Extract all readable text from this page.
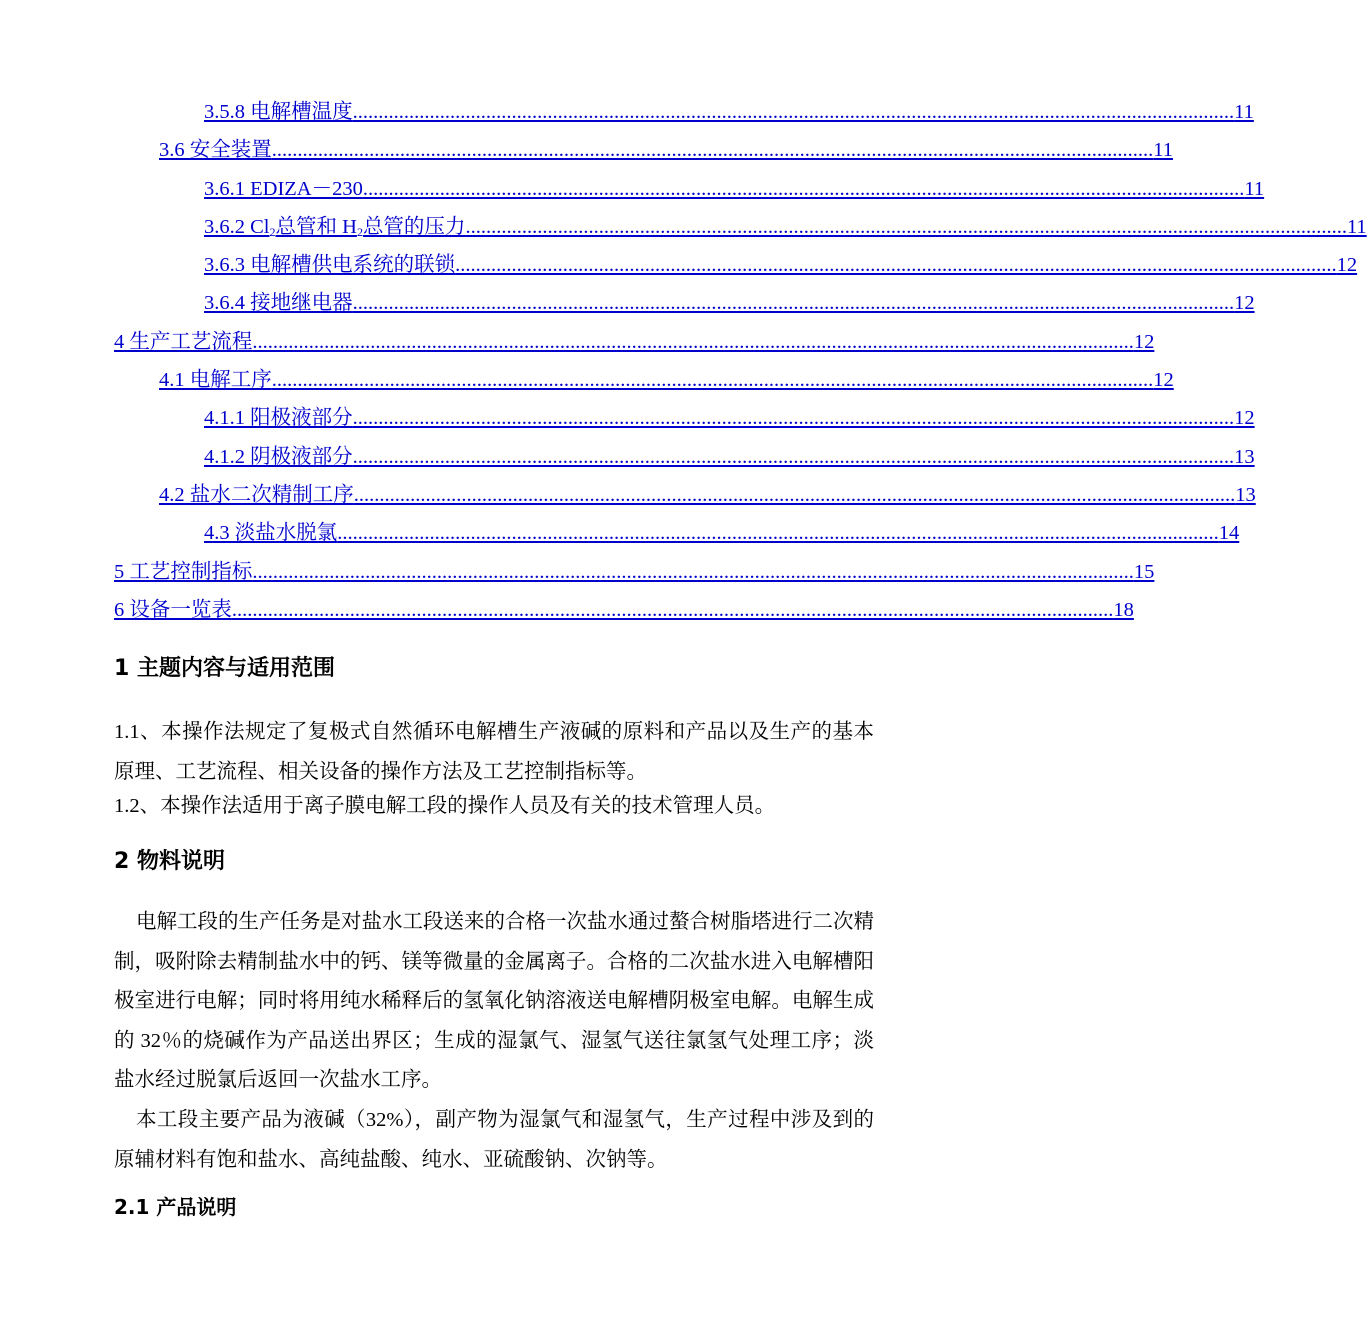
3.5.8 电解槽温度 ............................................................................................................................................................................ 11
3.6 安全装置 ............................................................................................................................................................................ 11
3.6.1 EDIZA－230 ............................................................................................................................................................................ 11
3.6.2 $Cl_2$总管和 $H_2$总管的压力 ............................................................................................................................................................................ 11
3.6.3 电解槽供电系统的联锁 ............................................................................................................................................................................ 12
3.6.4 接地继电器 ............................................................................................................................................................................ 12
4 生产工艺流程 ............................................................................................................................................................................ 12
4.1 电解工序 ............................................................................................................................................................................ 12
4.1.1 阳极液部分 ............................................................................................................................................................................ 12
4.1.2 阴极液部分 ............................................................................................................................................................................ 13
4.2 盐水二次精制工序 ............................................................................................................................................................................ 13
4.3 淡盐水脱氯 ............................................................................................................................................................................ 14
5 工艺控制指标 ............................................................................................................................................................................ 15
6 设备一览表 ............................................................................................................................................................................ 18
1 主题内容与适用范围

1.1、本操作法规定了复极式自然循环电解槽生产液碱的原料和产品以及生产的基本原理、工艺流程、相关设备的操作方法及工艺控制指标等。

1.2、本操作法适用于离子膜电解工段的操作人员及有关的技术管理人员。

2 物料说明

电解工段的生产任务是对盐水工段送来的合格一次盐水通过螯合树脂塔进行二次精制，吸附除去精制盐水中的钙、镁等微量的金属离子。合格的二次盐水进入电解槽阳极室进行电解；同时将用纯水稀释后的氢氧化钠溶液送电解槽阴极室电解。电解生成的 32％的烧碱作为产品送出界区；生成的湿氯气、湿氢气送往氯氢气处理工序；淡盐水经过脱氯后返回一次盐水工序。

本工段主要产品为液碱（32%），副产物为湿氯气和湿氢气，生产过程中涉及到的原辅材料有饱和盐水、高纯盐酸、纯水、亚硫酸钠、次钠等。

2.1 产品说明
